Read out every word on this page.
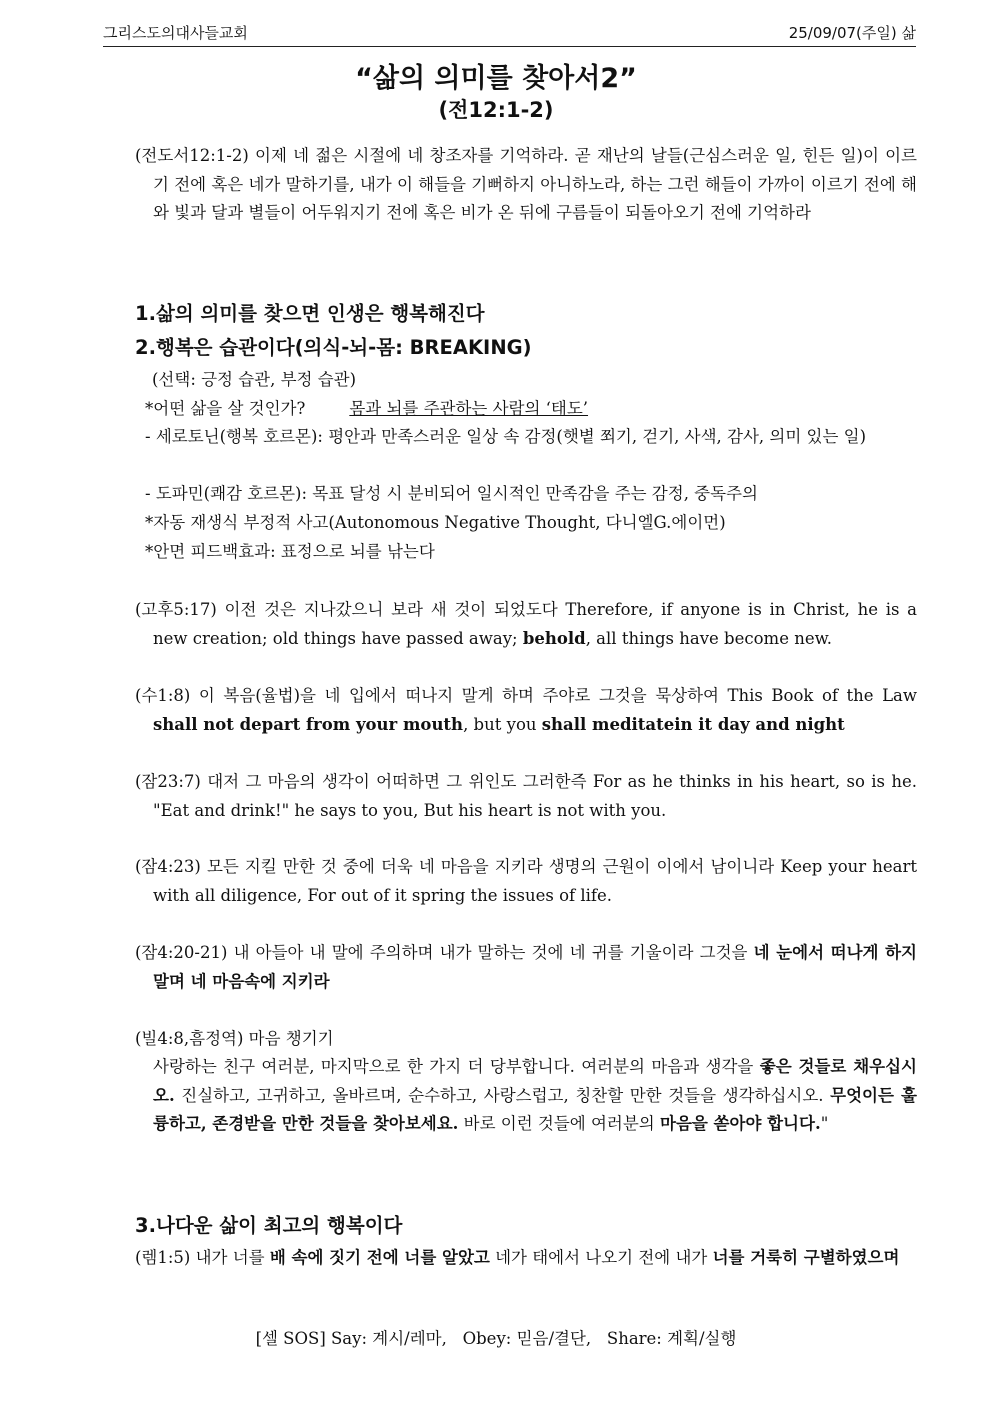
그리스도의대사들교회	25/09/07(주일) 삶
“삶의 의미를 찾아서2”
(전12:1-2)
(전도서12:1-2) 이제 네 젊은 시절에 네 창조자를 기억하라. 곧 재난의 날들(근심스러운 일, 힌든 일)이 이르기 전에 혹은 네가 말하기를, 내가 이 해들을 기뻐하지 아니하노라, 하는 그런 해들이 가까이 이르기 전에 해와 빛과 달과 별들이 어두워지기 전에 혹은 비가 온 뒤에 구름들이 되돌아오기 전에 기억하라
1.삶의 의미를 찾으면 인생은 행복해진다
2.행복은 습관이다(의식-뇌-몸: BREAKING)
(선택: 긍정 습관, 부정 습관)
*어떤 삶을 살 것인가?	몸과 뇌를 주관하는 사람의 ‘태도’
- 세로토닌(행복 호르몬): 평안과 만족스러운 일상 속 감정(햇볕 쬐기, 걷기, 사색, 감사, 의미 있는 일)
- 도파민(쾌감 호르몬): 목표 달성 시 분비되어 일시적인 만족감을 주는 감정, 중독주의
*자동 재생식 부정적 사고(Autonomous Negative Thought, 다니엘G.에이먼)
*안면 피드백효과: 표정으로 뇌를 낚는다
(고후5:17) 이전 것은 지나갔으니 보라 새 것이 되었도다 Therefore, if anyone is in Christ, he is a new creation; old things have passed away; behold, all things have become new.
(수1:8) 이 복음(율법)을 네 입에서 떠나지 말게 하며 주야로 그것을 묵상하여 This Book of the Law shall not depart from your mouth, but you shall meditatein it day and night
(잠23:7) 대저 그 마음의 생각이 어떠하면 그 위인도 그러한즉 For as he thinks in his heart, so is he. "Eat and drink!" he says to you, But his heart is not with you.
(잠4:23) 모든 지킬 만한 것 중에 더욱 네 마음을 지키라 생명의 근원이 이에서 남이니라 Keep your heart with all diligence, For out of it spring the issues of life.
(잠4:20-21) 내 아들아 내 말에 주의하며 내가 말하는 것에 네 귀를 기울이라 그것을 네 눈에서 떠나게 하지 말며 네 마음속에 지키라
(빌4:8,흠정역) 마음 챙기기
사랑하는 친구 여러분, 마지막으로 한 가지 더 당부합니다. 여러분의 마음과 생각을 좋은 것들로 채우십시오. 진실하고, 고귀하고, 올바르며, 순수하고, 사랑스럽고, 칭찬할 만한 것들을 생각하십시오. 무엇이든 훌륭하고, 존경받을 만한 것들을 찾아보세요. 바로 이런 것들에 여러분의 마음을 쏟아야 합니다."
3.나다운 삶이 최고의 행복이다
(렘1:5) 내가 너를 배 속에 짓기 전에 너를 알았고 네가 태에서 나오기 전에 내가 너를 거룩히 구별하였으며
[셀 SOS] Say: 계시/레마,   Obey: 믿음/결단,   Share: 계획/실행
